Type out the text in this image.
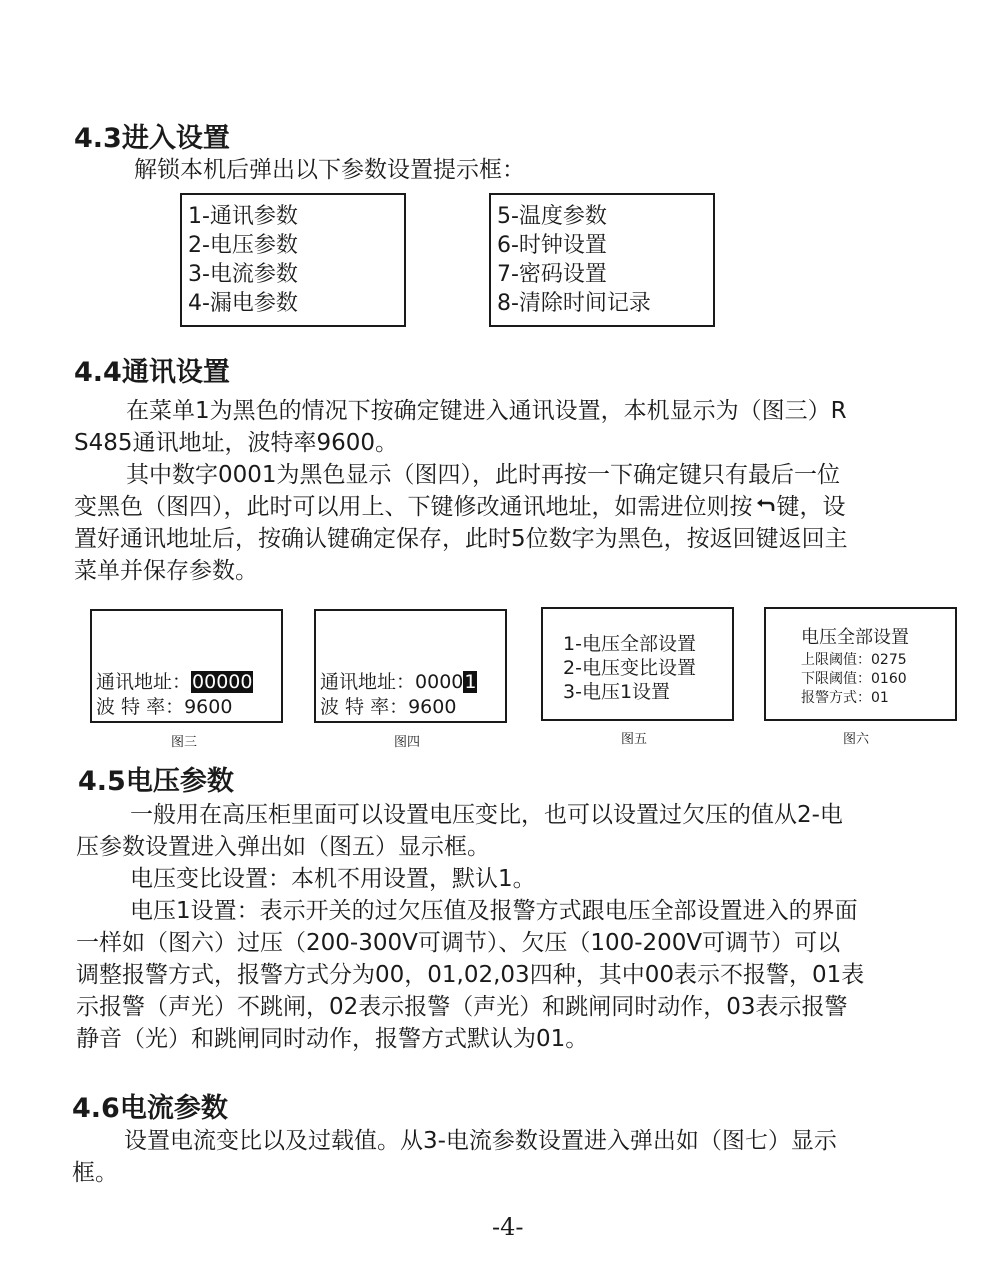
4.3进入设置
解锁本机后弹出以下参数设置提示框：
1-通讯参数
2-电压参数
3-电流参数
4-漏电参数
5-温度参数
6-时钟设置
7-密码设置
8-清除时间记录
4.4通讯设置
在菜单1为黑色的情况下按确定键进入通讯设置，本机显示为（图三）R
S485通讯地址，波特率9600。
其中数字0001为黑色显示（图四），此时再按一下确定键只有最后一位
变黑色（图四），此时可以用上、下键修改通讯地址，如需进位则按 键，设
置好通讯地址后，按确认键确定保存，此时5位数字为黑色，按返回键返回主
菜单并保存参数。
通讯地址：00000
波 特 率：9600
图三
通讯地址：00001
波 特 率：9600
图四
1-电压全部设置
2-电压变比设置
3-电压1设置
图五
电压全部设置
上限阈值：0275
下限阈值：0160
报警方式：01
图六
4.5电压参数
一般用在高压柜里面可以设置电压变比，也可以设置过欠压的值从2-电
压参数设置进入弹出如（图五）显示框。
电压变比设置：本机不用设置，默认1。
电压1设置：表示开关的过欠压值及报警方式跟电压全部设置进入的界面
一样如（图六）过压（200-300V可调节）、欠压（100-200V可调节）可以
调整报警方式，报警方式分为00，01,02,03四种，其中00表示不报警，01表
示报警（声光）不跳闸，02表示报警（声光）和跳闸同时动作，03表示报警
静音（光）和跳闸同时动作，报警方式默认为01。
4.6电流参数
设置电流变比以及过载值。从3-电流参数设置进入弹出如（图七）显示
框。
-4-
